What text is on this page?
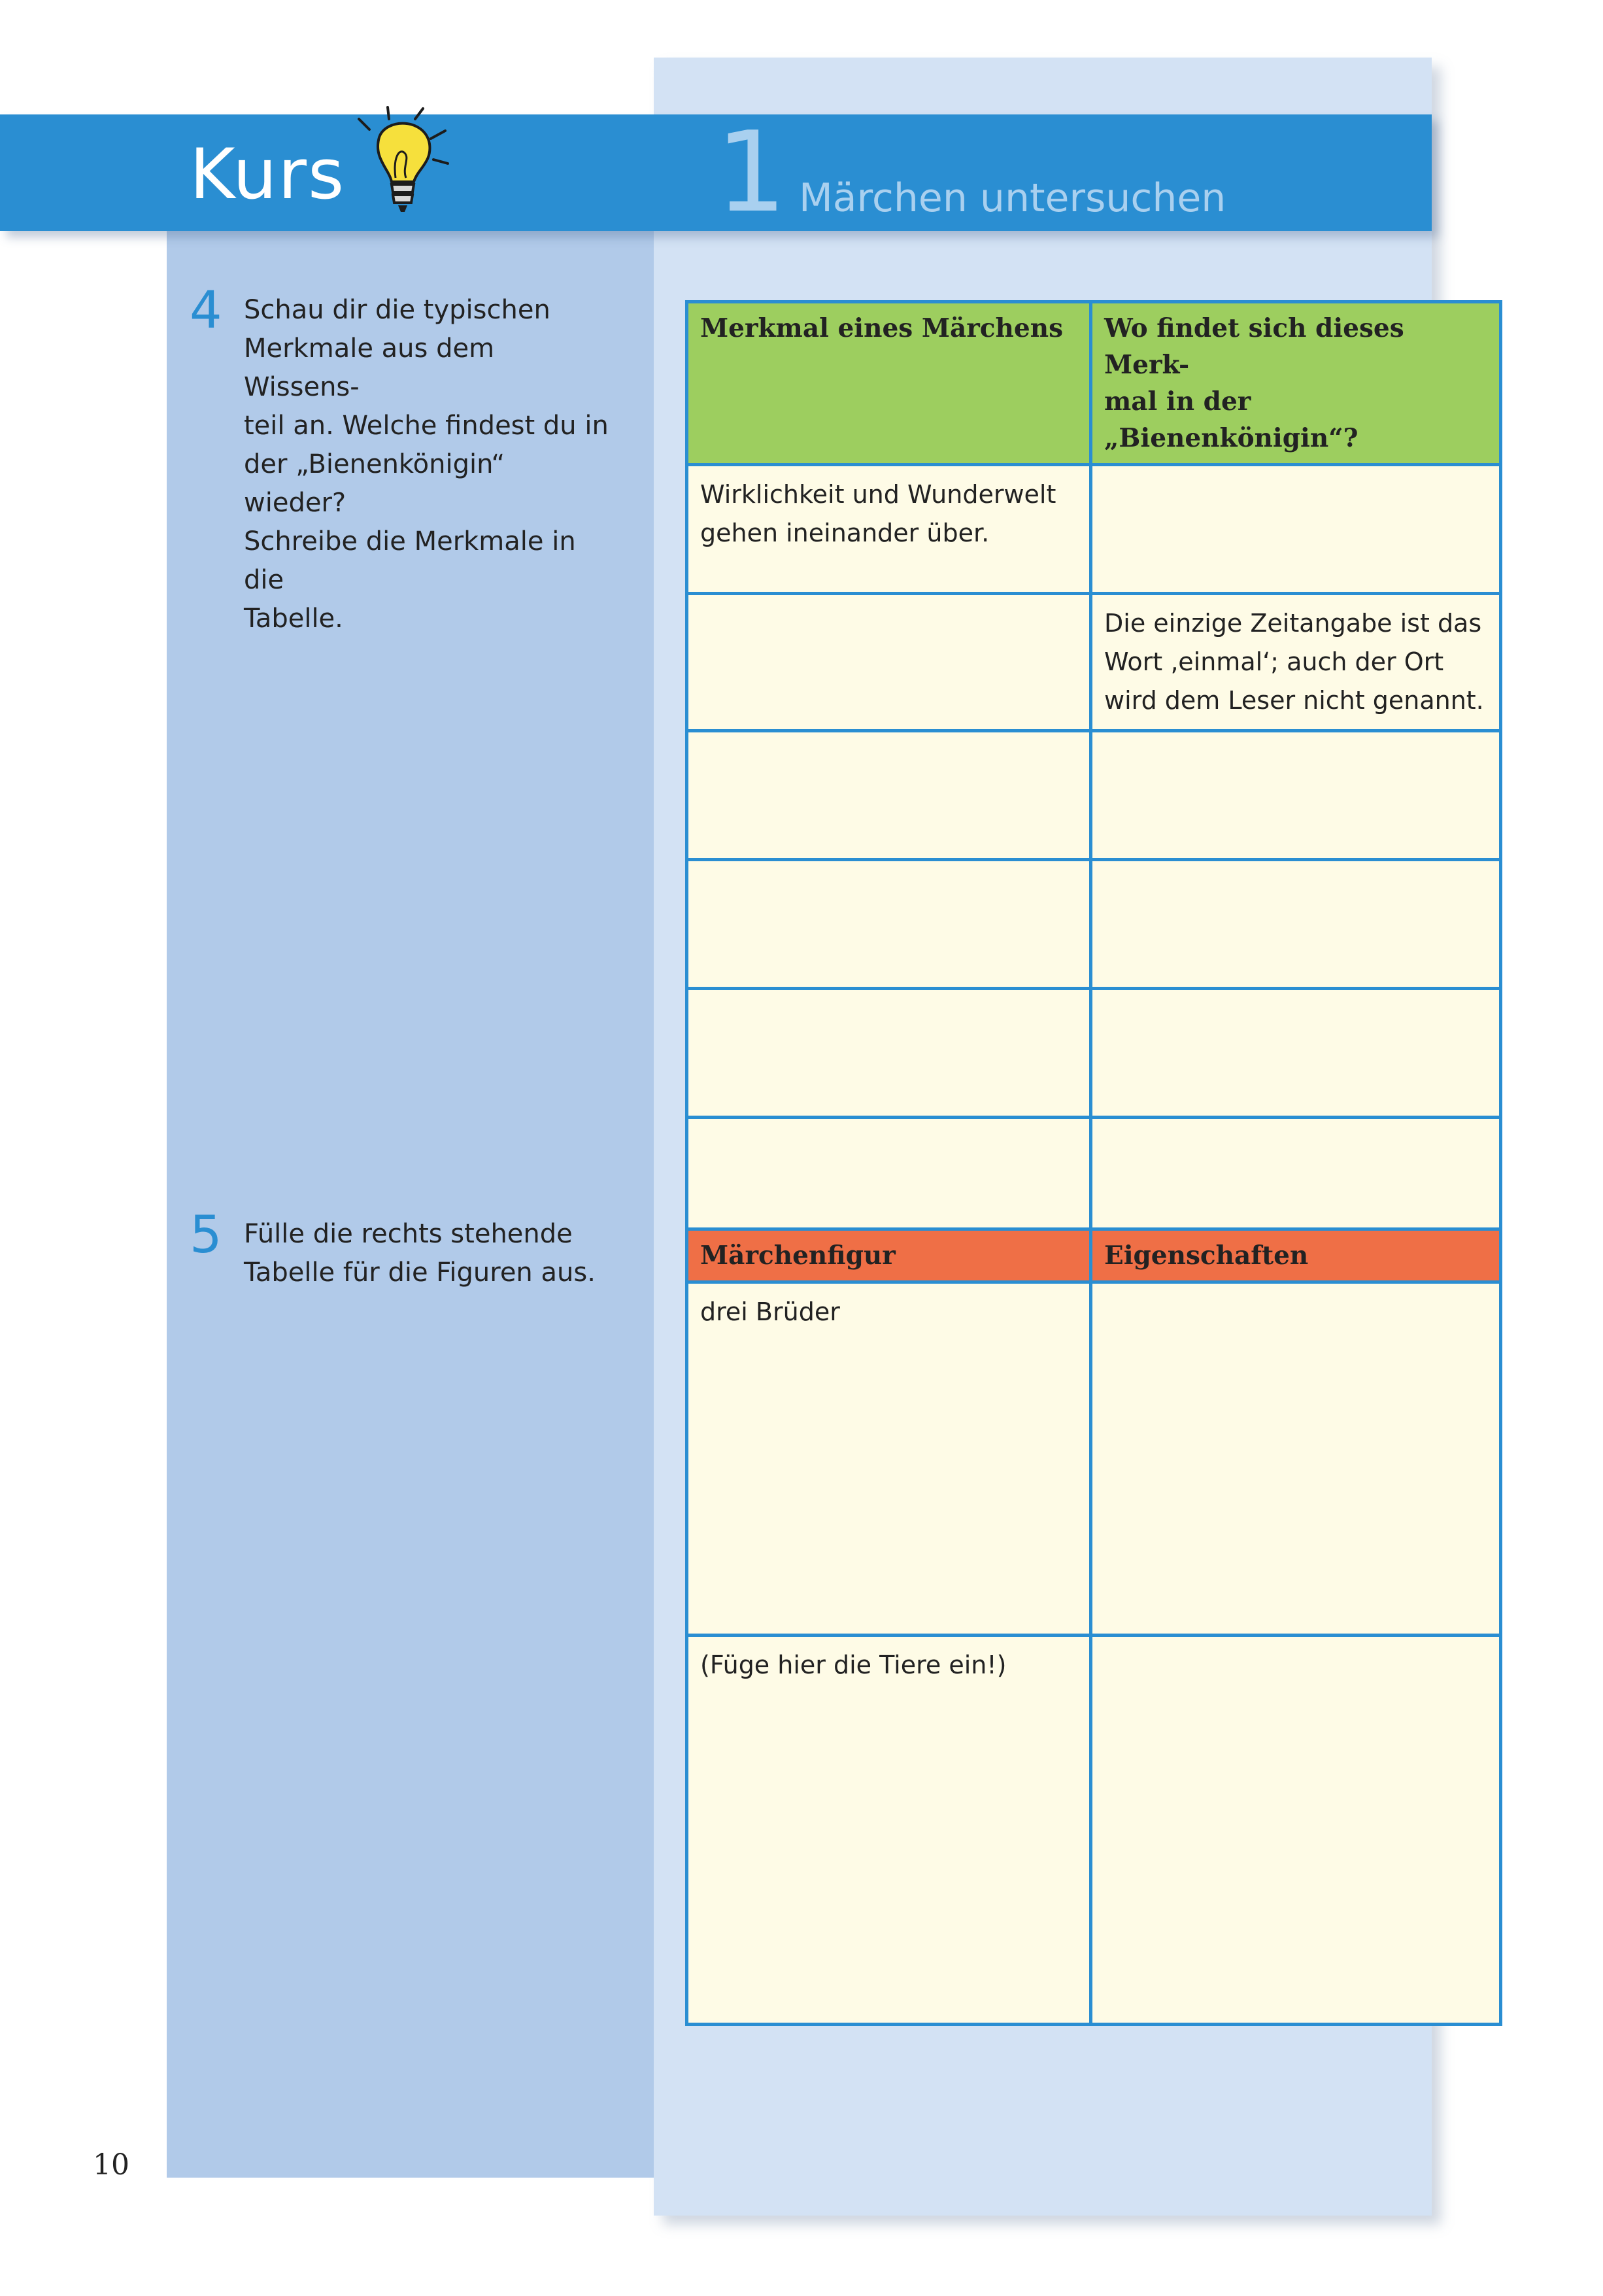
Kurs	1 Märchen untersuchen
4 Schau dir die typischen
Merkmale aus dem Wissens-
teil an. Welche findest du in
der „Bienenkönigin“ wieder?
Schreibe die Merkmale in die
Tabelle.
5 Fülle die rechts stehende
Tabelle für die Figuren aus.
Merkmal eines Märchens	Wo findet sich dieses Merk-
mal in der „Bienenkönigin“?

Wirklichkeit und Wunderwelt
gehen ineinander über.	

	Die einzige Zeitangabe ist das
Wort ‚einmal‘; auch der Ort
wird dem Leser nicht genannt.

Märchenfigur	Eigenschaften
drei Brüder	
(Füge hier die Tiere ein!)	
10
